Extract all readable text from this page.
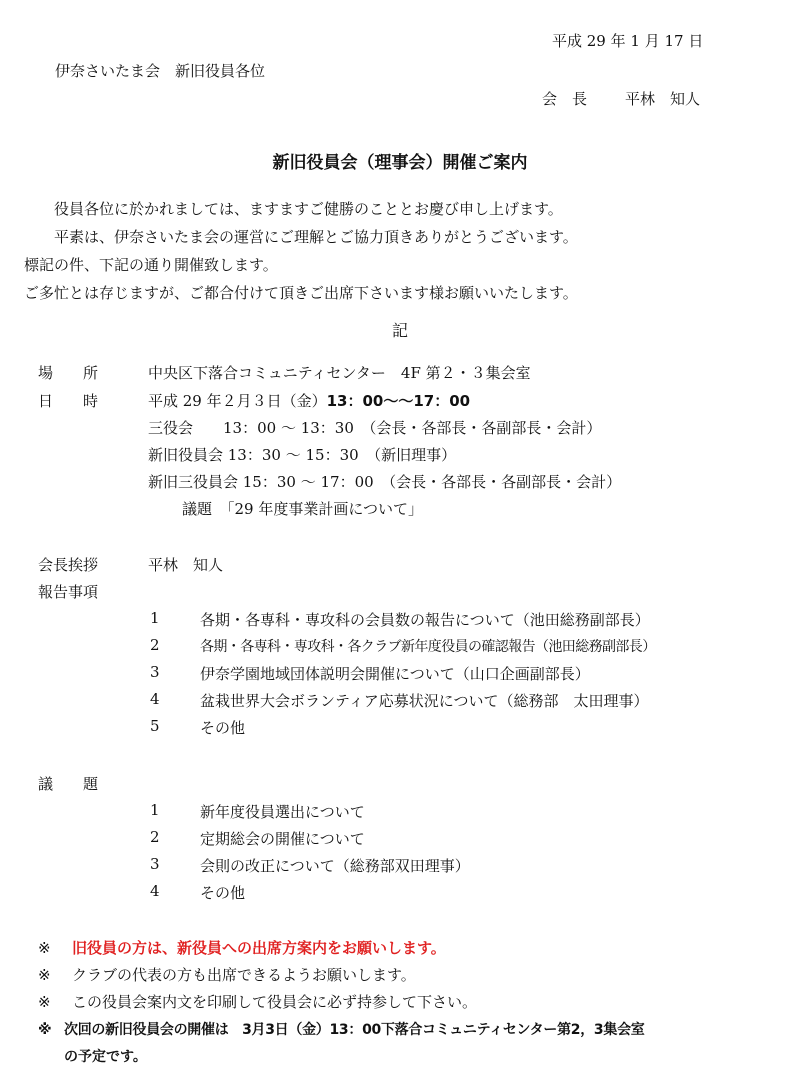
平成 29 年 1 月 17 日
伊奈さいたま会　新旧役員各位
会　長	平林　知人
新旧役員会（理事会）開催ご案内
役員各位に於かれましては、ますますご健勝のこととお慶び申し上げます。
平素は、伊奈さいたま会の運営にご理解とご協力頂きありがとうございます。
標記の件、下記の通り開催致します。
ご多忙とは存じますが、ご都合付けて頂きご出席下さいます様お願いいたします。
記
場　　所	中央区下落合コミュニティセンター　4F 第２・３集会室
日　　時	平成 29 年２月３日（金）13：00〜〜17：00
三役会　　13：00 〜 13：30　（会長・各部長・各副部長・会計）
新旧役員会 13：30 〜 15：30　（新旧理事）
新旧三役員会 15：30 〜 17：00　（会長・各部長・各副部長・会計）
議題　「29 年度事業計画について」
会長挨拶	平林　知人
報告事項
1	各期・各専科・専攻科の会員数の報告について（池田総務副部長）
2	各期・各専科・専攻科・各クラブ新年度役員の確認報告（池田総務副部長）
3	伊奈学園地域団体説明会開催について（山口企画副部長）
4	盆栽世界大会ボランティア応募状況について（総務部　太田理事）
5	その他
議　　題
1	新年度役員選出について
2	定期総会の開催について
3	会則の改正について（総務部双田理事）
4	その他
※ 旧役員の方は、新役員への出席方案内をお願いします。
※ クラブの代表の方も出席できるようお願いします。
※ この役員会案内文を印刷して役員会に必ず持参して下さい。
※ 次回の新旧役員会の開催は　3月3日（金）13：00下落合コミュニティセンター第2，3集会室
の予定です。
